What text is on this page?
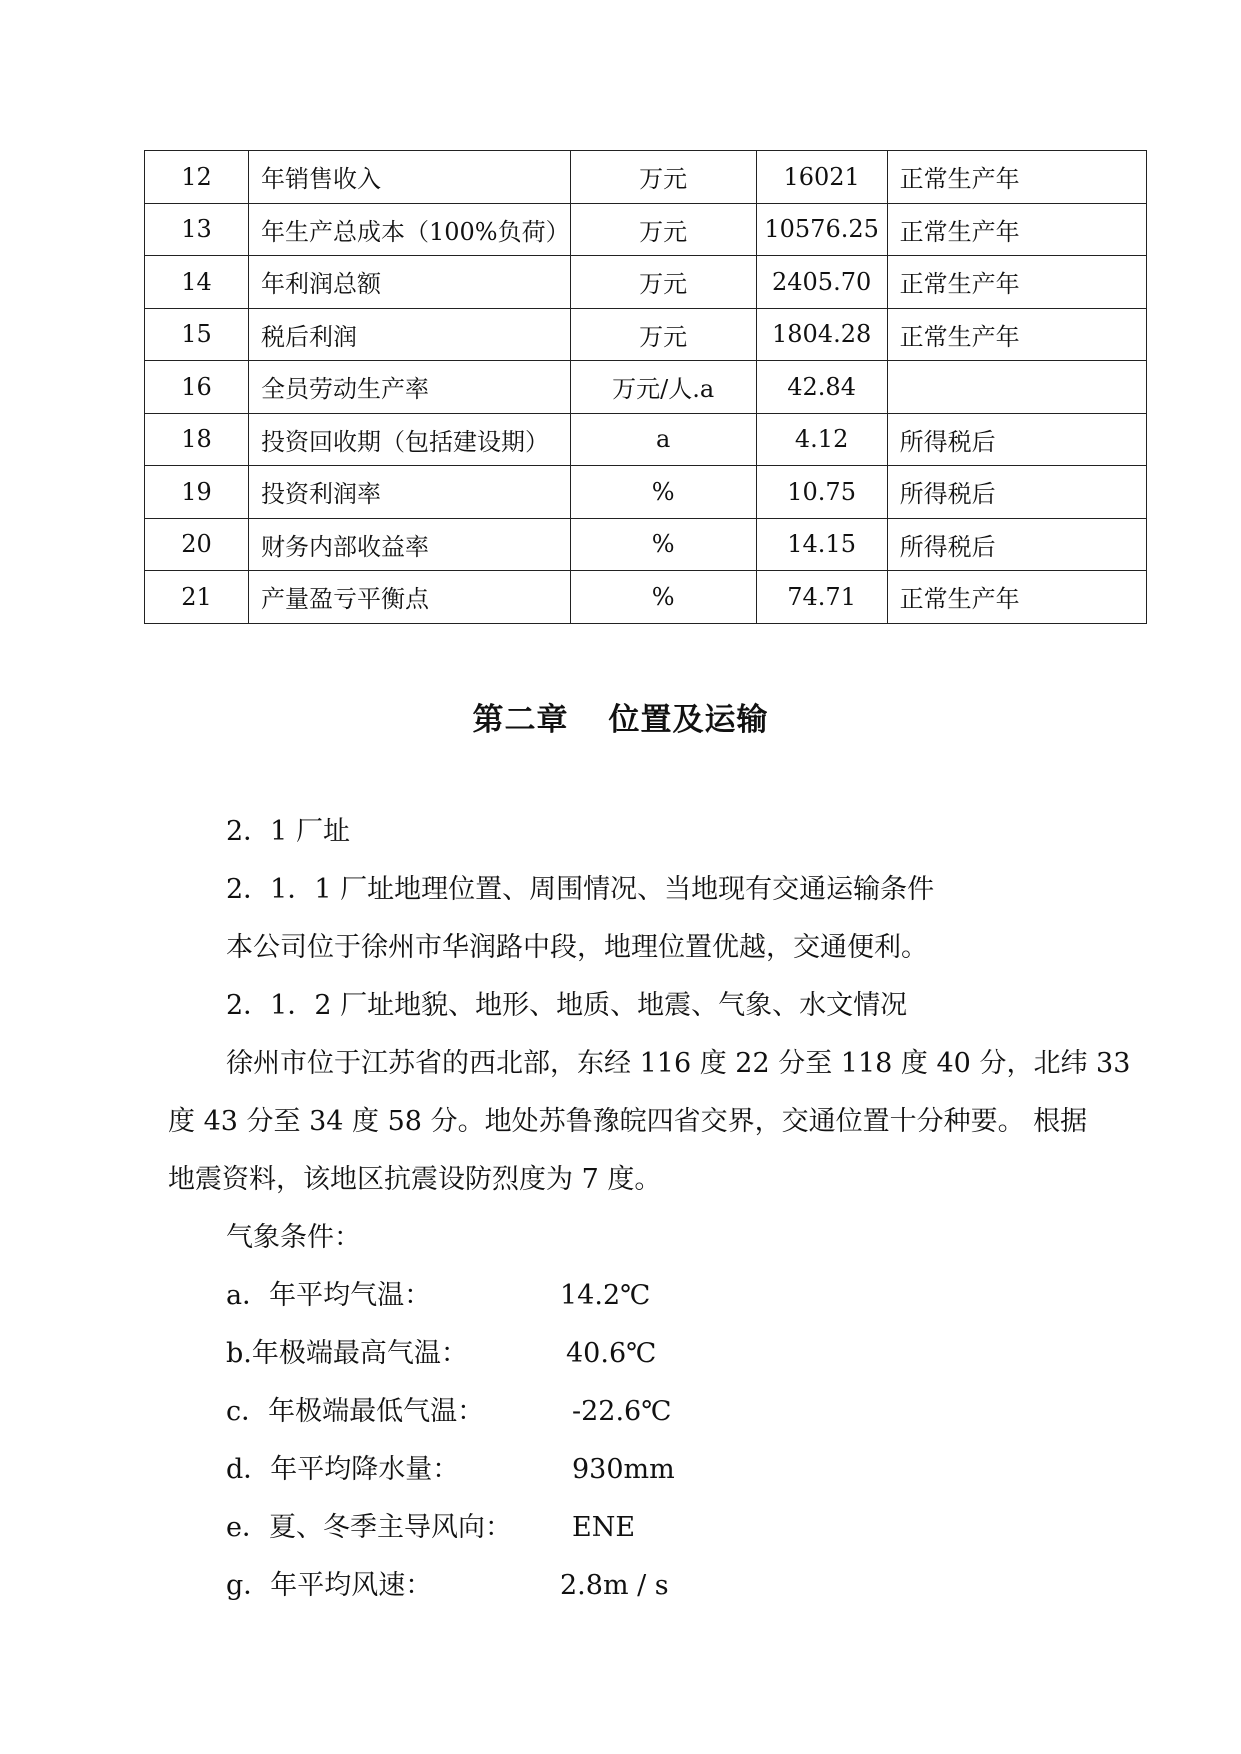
12	年销售收入	万元	16021	正常生产年
13	年生产总成本（100%负荷）	万元	10576.25	正常生产年
14	年利润总额	万元	2405.70	正常生产年
15	税后利润	万元	1804.28	正常生产年
16	全员劳动生产率	万元/人.a	42.84	
18	投资回收期（包括建设期）	a	4.12	所得税后
19	投资利润率	%	10.75	所得税后
20	财务内部收益率	%	14.15	所得税后
21	产量盈亏平衡点	%	74.71	正常生产年
第二章 位置及运输
2．1 厂址
2．1．1 厂址地理位置、周围情况、当地现有交通运输条件
本公司位于徐州市华润路中段，地理位置优越，交通便利。
2．1．2 厂址地貌、地形、地质、地震、气象、水文情况
徐州市位于江苏省的西北部，东经 116 度 22 分至 118 度 40 分，北纬 33
度 43 分至 34 度 58 分。地处苏鲁豫皖四省交界，交通位置十分种要。 根据
地震资料，该地区抗震设防烈度为 7 度。
气象条件：
a．年平均气温：	14.2℃
b.年极端最高气温：	40.6℃
c．年极端最低气温：	-22.6℃
d．年平均降水量：	930mm
e．夏、冬季主导风向： ENE
g．年平均风速：	2.8m / s
